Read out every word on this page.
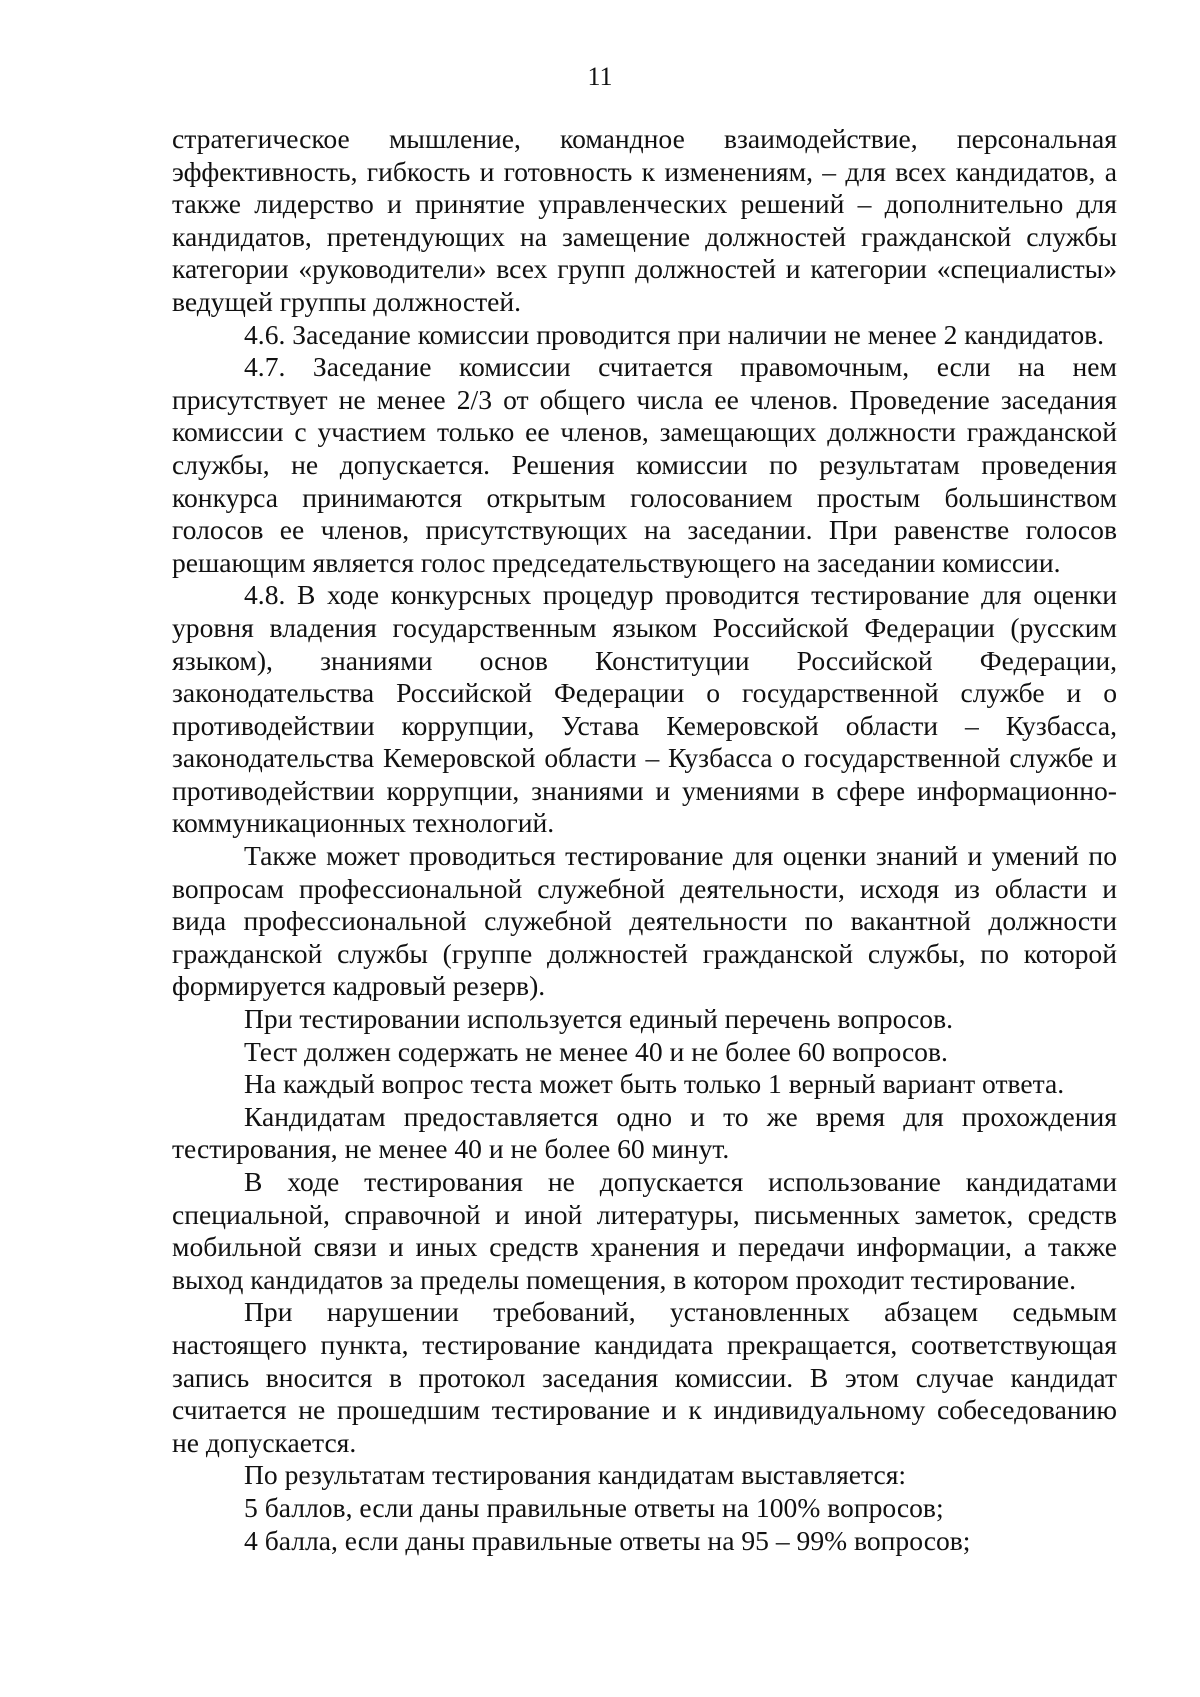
11

стратегическое мышление, командное взаимодействие, персональная эффективность, гибкость и готовность к изменениям, – для всех кандидатов, а также лидерство и принятие управленческих решений – дополнительно для кандидатов, претендующих на замещение должностей гражданской службы категории «руководители» всех групп должностей и категории «специалисты» ведущей группы должностей.

4.6. Заседание комиссии проводится при наличии не менее 2 кандидатов.

4.7. Заседание комиссии считается правомочным, если на нем присутствует не менее 2/3 от общего числа ее членов. Проведение заседания комиссии с участием только ее членов, замещающих должности гражданской службы, не допускается. Решения комиссии по результатам проведения конкурса принимаются открытым голосованием простым большинством голосов ее членов, присутствующих на заседании. При равенстве голосов решающим является голос председательствующего на заседании комиссии.

4.8. В ходе конкурсных процедур проводится тестирование для оценки уровня владения государственным языком Российской Федерации (русским языком), знаниями основ Конституции Российской Федерации, законодательства Российской Федерации о государственной службе и о противодействии коррупции, Устава Кемеровской области – Кузбасса, законодательства Кемеровской области – Кузбасса о государственной службе и противодействии коррупции, знаниями и умениями в сфере информационно-коммуникационных технологий.

Также может проводиться тестирование для оценки знаний и умений по вопросам профессиональной служебной деятельности, исходя из области и вида профессиональной служебной деятельности по вакантной должности гражданской службы (группе должностей гражданской службы, по которой формируется кадровый резерв).

При тестировании используется единый перечень вопросов.

Тест должен содержать не менее 40 и не более 60 вопросов.

На каждый вопрос теста может быть только 1 верный вариант ответа.

Кандидатам предоставляется одно и то же время для прохождения тестирования, не менее 40 и не более 60 минут.

В ходе тестирования не допускается использование кандидатами специальной, справочной и иной литературы, письменных заметок, средств мобильной связи и иных средств хранения и передачи информации, а также выход кандидатов за пределы помещения, в котором проходит тестирование.

При нарушении требований, установленных абзацем седьмым настоящего пункта, тестирование кандидата прекращается, соответствующая запись вносится в протокол заседания комиссии. В этом случае кандидат считается не прошедшим тестирование и к индивидуальному собеседованию не допускается.

По результатам тестирования кандидатам выставляется:

5 баллов, если даны правильные ответы на 100% вопросов;

4 балла, если даны правильные ответы на 95 – 99% вопросов;
